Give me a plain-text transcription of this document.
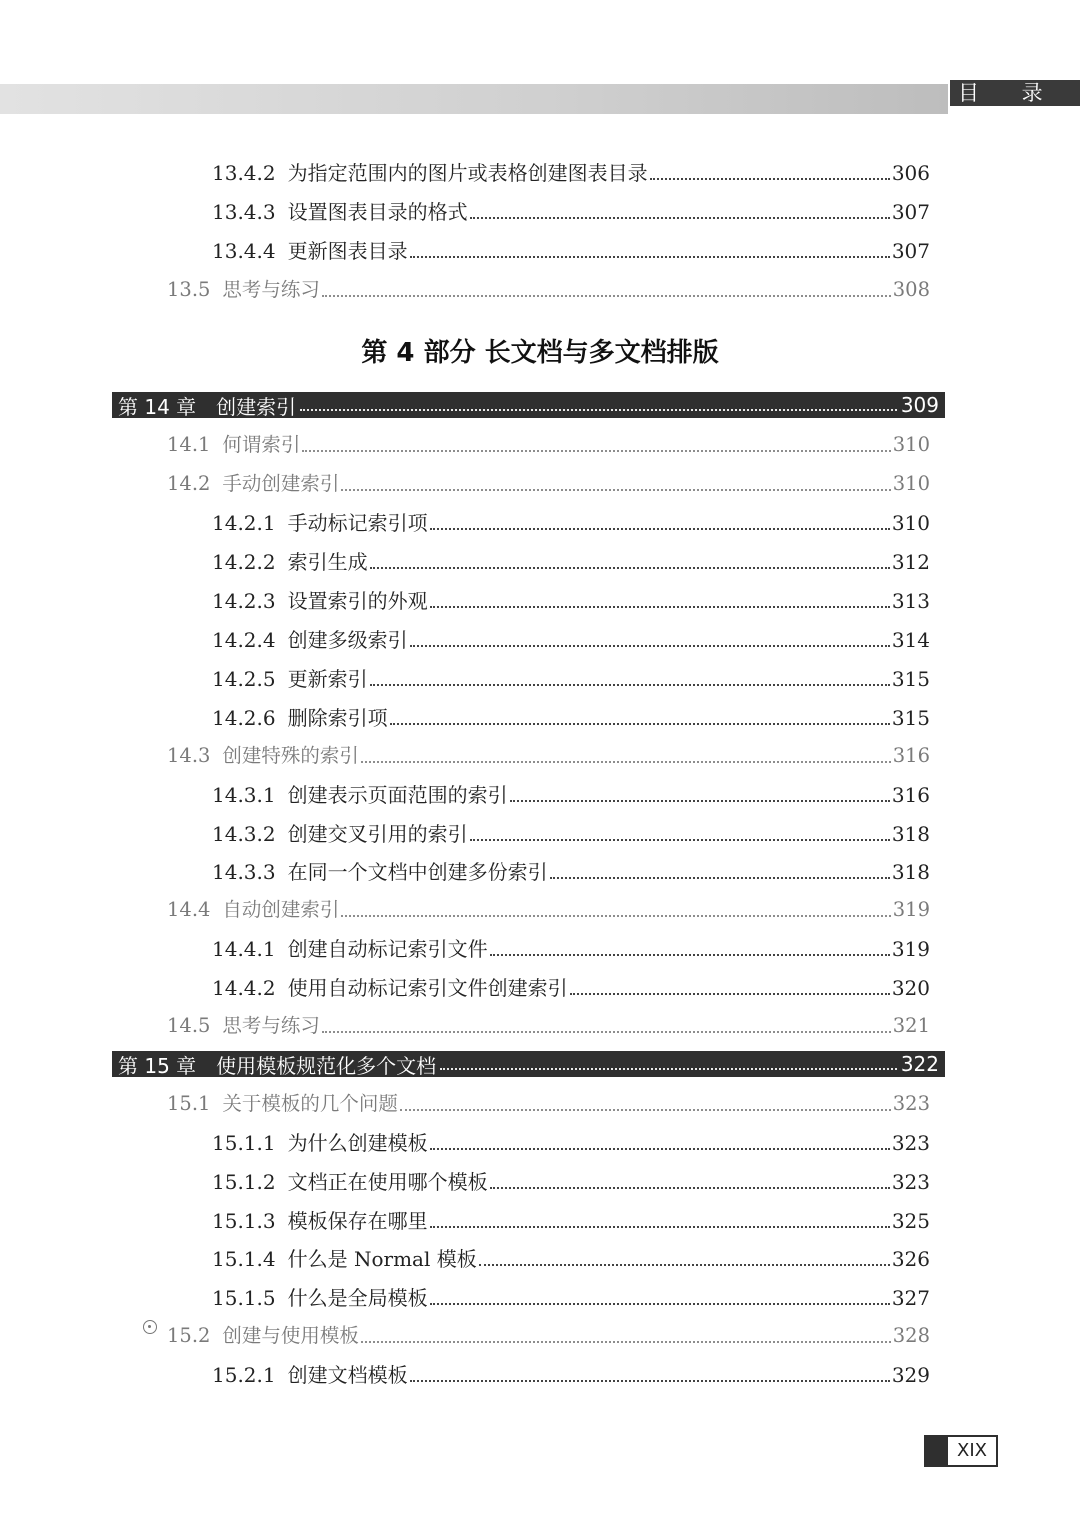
目 录
13.4.2 为指定范围内的图片或表格创建图表目录	306
13.4.3 设置图表目录的格式	307
13.4.4 更新图表目录	307
13.5 思考与练习	308
第 4 部分 长文档与多文档排版
第 14 章 创建索引	309
14.1 何谓索引	310
14.2 手动创建索引	310
14.2.1 手动标记索引项	310
14.2.2 索引生成	312
14.2.3 设置索引的外观	313
14.2.4 创建多级索引	314
14.2.5 更新索引	315
14.2.6 删除索引项	315
14.3 创建特殊的索引	316
14.3.1 创建表示页面范围的索引	316
14.3.2 创建交叉引用的索引	318
14.3.3 在同一个文档中创建多份索引	318
14.4 自动创建索引	319
14.4.1 创建自动标记索引文件	319
14.4.2 使用自动标记索引文件创建索引	320
14.5 思考与练习	321
第 15 章 使用模板规范化多个文档	322
15.1 关于模板的几个问题	323
15.1.1 为什么创建模板	323
15.1.2 文档正在使用哪个模板	323
15.1.3 模板保存在哪里	325
15.1.4 什么是 Normal 模板	326
15.1.5 什么是全局模板	327
15.2 创建与使用模板	328
15.2.1 创建文档模板	329
XIX
